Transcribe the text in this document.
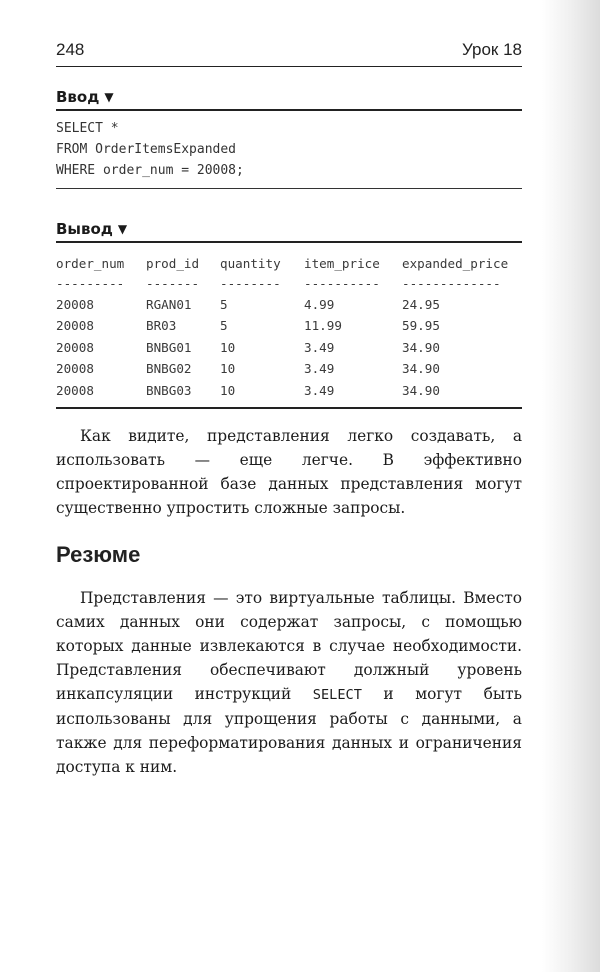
248	Урок 18
Ввод ▼
SELECT *
FROM OrderItemsExpanded
WHERE order_num = 20008;
Вывод ▼
order_num prod_id quantity item_price expanded_price
--------- ------- -------- ---------- -------------
20008	RGAN01 5	4.99	24.95
20008	BR03	5	11.99	59.95
20008	BNBG01 10	3.49	34.90
20008	BNBG02 10	3.49	34.90
20008	BNBG03 10	3.49	34.90

Как видите, представления легко создавать, а использовать — еще легче. В эффективно спроектированной базе данных представления могут существенно упростить сложные запросы.

Резюме

Представления — это виртуальные таблицы. Вместо самих данных они содержат запросы, с помощью которых данные извлекаются в случае необходимости. Представления обеспечивают должный уровень инкапсуляции инструкций SELECT и могут быть использованы для упрощения работы с данными, а также для переформатирования данных и ограничения доступа к ним.
